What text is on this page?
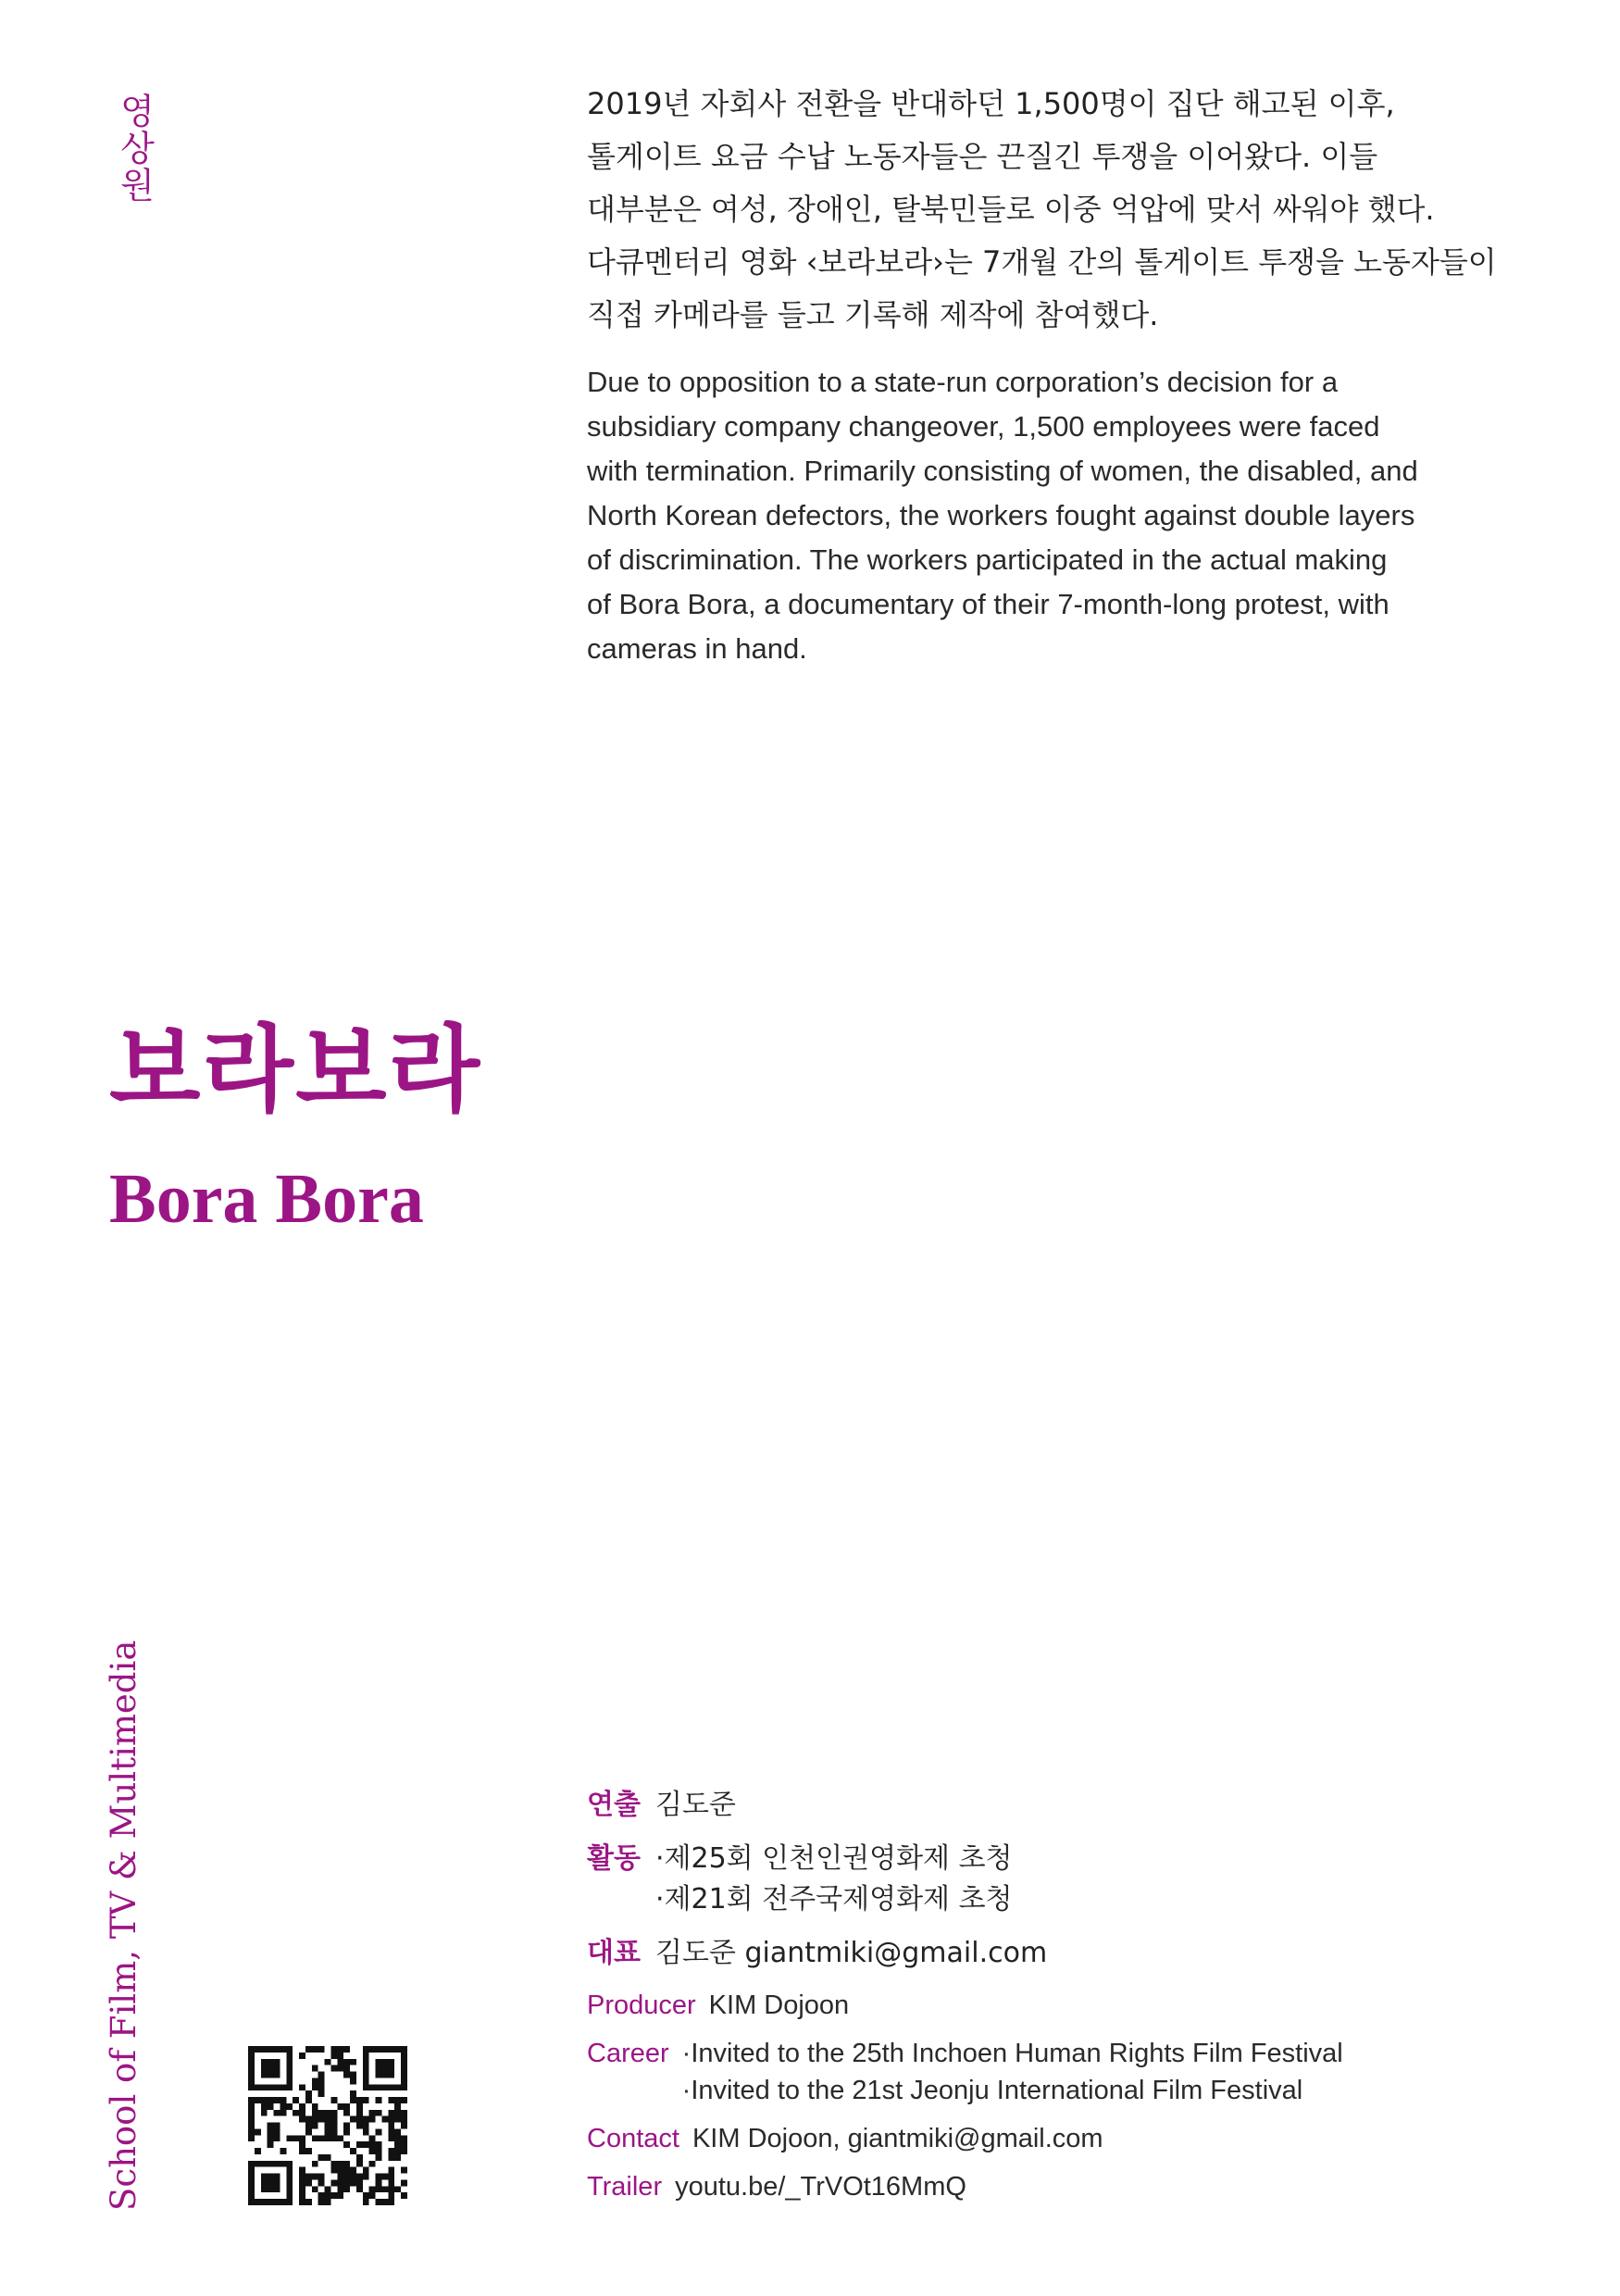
영상원
School of Film, TV & Multimedia

2019년 자회사 전환을 반대하던 1,500명이 집단 해고된 이후,

톨게이트 요금 수납 노동자들은 끈질긴 투쟁을 이어왔다. 이들

대부분은 여성, 장애인, 탈북민들로 이중 억압에 맞서 싸워야 했다.

다큐멘터리 영화 ‹보라보라›는 7개월 간의 톨게이트 투쟁을 노동자들이

직접 카메라를 들고 기록해 제작에 참여했다.

Due to opposition to a state-run corporation’s decision for a

subsidiary company changeover, 1,500 employees were faced

with termination. Primarily consisting of women, the disabled, and

North Korean defectors, the workers fought against double layers

of discrimination. The workers participated in the actual making

of Bora Bora, a documentary of their 7-month-long protest, with

cameras in hand.

보라보라
Bora Bora
연출 김도준
활동 ·제25회 인천인권영화제 초청
·제21회 전주국제영화제 초청
대표 김도준 giantmiki@gmail.com
Producer KIM Dojoon
Career ·Invited to the 25th Inchoen Human Rights Film Festival
·Invited to the 21st Jeonju International Film Festival
Contact KIM Dojoon, giantmiki@gmail.com
Trailer youtu.be/_TrVOt16MmQ
